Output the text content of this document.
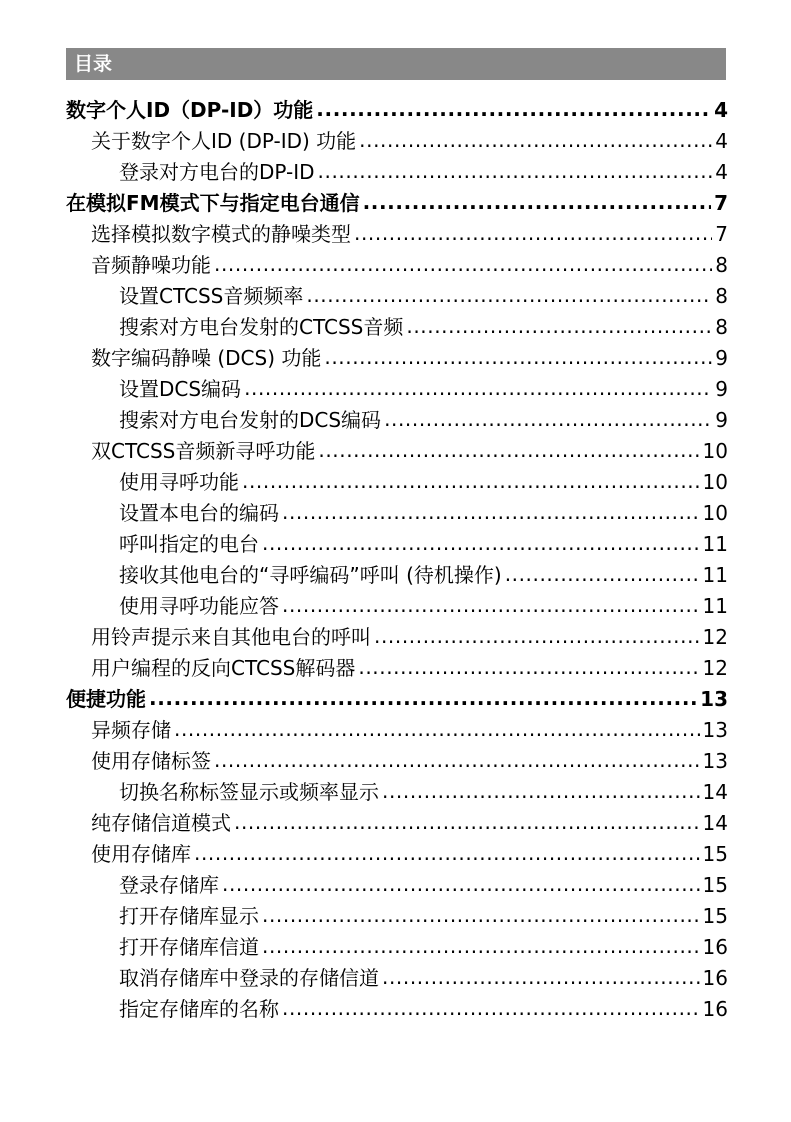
目录
数字个人ID（DP-ID）功能 .....	4
关于数字个人ID (DP-ID) 功能 .....	4
登录对方电台的DP-ID .....	4
在模拟FM模式下与指定电台通信 .....	7
选择模拟数字模式的静噪类型 .....	7
音频静噪功能 .....	8
设置CTCSS音频频率 .....	8
搜索对方电台发射的CTCSS音频 .....	8
数字编码静噪 (DCS) 功能 .....	9
设置DCS编码 .....	9
搜索对方电台发射的DCS编码 .....	9
双CTCSS音频新寻呼功能 .....	10
使用寻呼功能 .....	10
设置本电台的编码 .....	10
呼叫指定的电台 .....	11
接收其他电台的“寻呼编码”呼叫 (待机操作) .....	11
使用寻呼功能应答 .....	11
用铃声提示来自其他电台的呼叫 .....	12
用户编程的反向CTCSS解码器 .....	12
便捷功能 .....	13
异频存储 .....	13
使用存储标签 .....	13
切换名称标签显示或频率显示 .....	14
纯存储信道模式 .....	14
使用存储库 .....	15
登录存储库 .....	15
打开存储库显示 .....	15
打开存储库信道 .....	16
取消存储库中登录的存储信道 .....	16
指定存储库的名称 .....	16
